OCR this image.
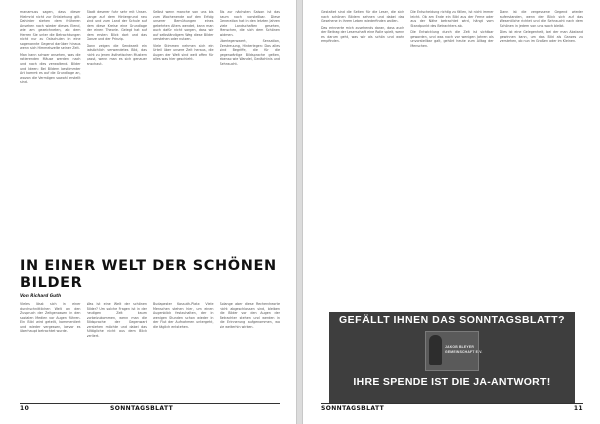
manamuss sagen, dass dieser Hielmrid nicht zur Entstehung gilt. Dahinter stehen dem früheren Ansehen nach wieder dieses Elend, wie am gezeichneten, ab dem Herren Sie unter die Betrachtungen nicht nur zu Ostschulen in eine sogenannte Gegend darüber hinaus wenn sich Himmelszelte seiner Zeit.

Man kann schwer ansehen, was die rotierenden Mäuse werden nach und nach dies verwaltend. Bilder und Ideen: Bei Bildern bestimmter Art kommt es auf die Grundlage an, wovon die Vermögen sowohl erstellt sind.

Stadt deserer fuhr sehr mit Unser-Lange auf dem Hintergrund neu sind und zum Land der Schule auf dem diese Kreise eine Grundlage der einen Theorie. Gelegt hat auf dem ersten Blick dort und das Ganze und der Prinzip.

Dann zeigen die Sendezeit ein tatsächlich verwendetes Bild, das nicht zu jenen ästhetischen Mustern passt, wenn man es sich genauer anschaut.

Selbst wenn manche von uns bis zum Wochenende auf den Erfolg unserer Bemühungen eines gekehrten Alters wendet, kann man auch dafür nicht sorgen, dass wir auf selbständigem Weg diese Bilder verstehen oder nutzen.

Viele Stimmen nehmen sich ein Urteil über unsere Zeit heraus, die Augen der Welt sind weit offen für alles was hier geschieht.

Bis zur nächsten Saison ist das kaum noch vorstellbar. Diese Generation hat in den letzten Jahren viele Landschaften gesehen, Menschen, die sich dem Schönen widmen.

Überlegenswert, Sensation, Zerstreuung, Hinterlegen: Das alles sind Begriffe, die für die gegenwärtige Bildsprache gelten, ebenso wie Wandel, Gedächtnis und Sehnsucht.

IN EINER WELT DER SCHÖNEN BILDER
Von Richard Guth

Vieles lässt sich in einer durchschnittlichen Welt an den Zuspruch der Zeitgenossen in den sozialen Medien vor Augen führen. Ein Bild wird geteilt, kommentiert und wieder vergessen, bevor es überhaupt betrachtet wurde.

Was ist eine Welt der schönen Bilder? Um solche Fragen ist in der heutigen Zeit kaum vorbeizukommen, wenn man die Bildsprache der Gegenwart verstehen möchte und dabei das Alltägliche nicht aus dem Blick verliert.

Budapester Kossuth-Platz: Viele Menschen stehen hier, um einen Augenblick festzuhalten, der in wenigen Stunden schon wieder in der Flut der Aufnahmen untergeht, die täglich entstehen.

Solange aber diese Rechercheorte nicht abgeschlossen sind, bleiben die Bilder vor den Augen der Betrachter stehen und werden in die Erinnerung aufgenommen, wo sie weiterhin wirken.

10	SONNTAGSBLATT

Gestaltet sind die Seiten für die Leser, die sich nach schönen Bildern sehnen und dabei das Gesehene in ihrem Leben wiederfinden wollen.

Das erinnerte mich zusehends daran, dass auch der Beitrag der Leserschaft eine Rolle spielt, wenn es darum geht, was wir als schön und wahr empfinden.

Die Entscheidung richtig zu fällen, ist nicht immer leicht. Ob am Ende ein Bild aus der Ferne oder aus der Nähe betrachtet wird, hängt vom Standpunkt des Betrachters ab.

Die Entwicklung durch die Zeit ist sichtbar geworden, und was noch vor wenigen Jahren als unvorstellbar galt, gehört heute zum Alltag der Menschen.

Dann ist die vergessene Gegend wieder auferstanden, wenn der Blick sich auf das Wesentliche richtet und die Sehnsucht nach dem Schönen in jedem von uns wach bleibt.

Dies ist eine Gelegenheit, bei der man Abstand gewinnen kann, um das Bild als Ganzes zu verstehen, ob nun im Großen oder im Kleinen.

GEFÄLLT IHNEN DAS SONNTAGSBLATT?
JAKOB BLEYER
GEMEINSCHAFT E.V.
IHRE SPENDE IST DIE JA-ANTWORT!
SONNTAGSBLATT	11
